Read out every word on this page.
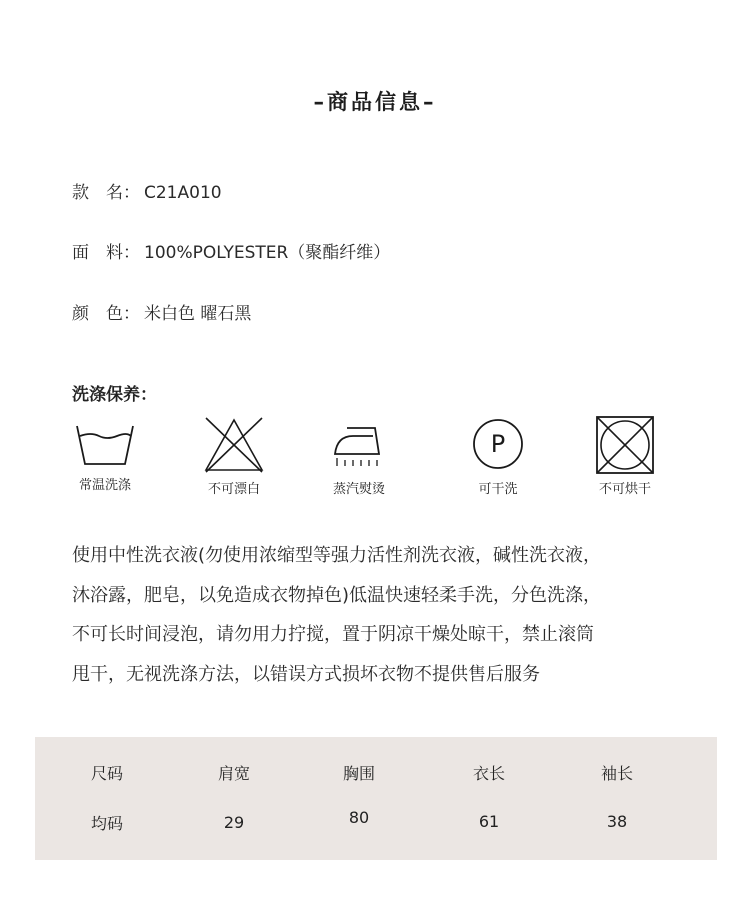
–商品信息–
款　名： C21A010
面　料： 100%POLYESTER（聚酯纤维）
颜　色： 米白色 曜石黑
洗涤保养：
常温洗涤	不可漂白	蒸汽熨烫
P
可干洗	不可烘干

使用中性洗衣液(勿使用浓缩型等强力活性剂洗衣液，碱性洗衣液，

沐浴露，肥皂，以免造成衣物掉色)低温快速轻柔手洗，分色洗涤，

不可长时间浸泡，请勿用力拧搅，置于阴凉干燥处晾干，禁止滚筒

甩干，无视洗涤方法，以错误方式损坏衣物不提供售后服务

尺码	肩宽	胸围	衣长	袖长
均码	29	80	61	38
